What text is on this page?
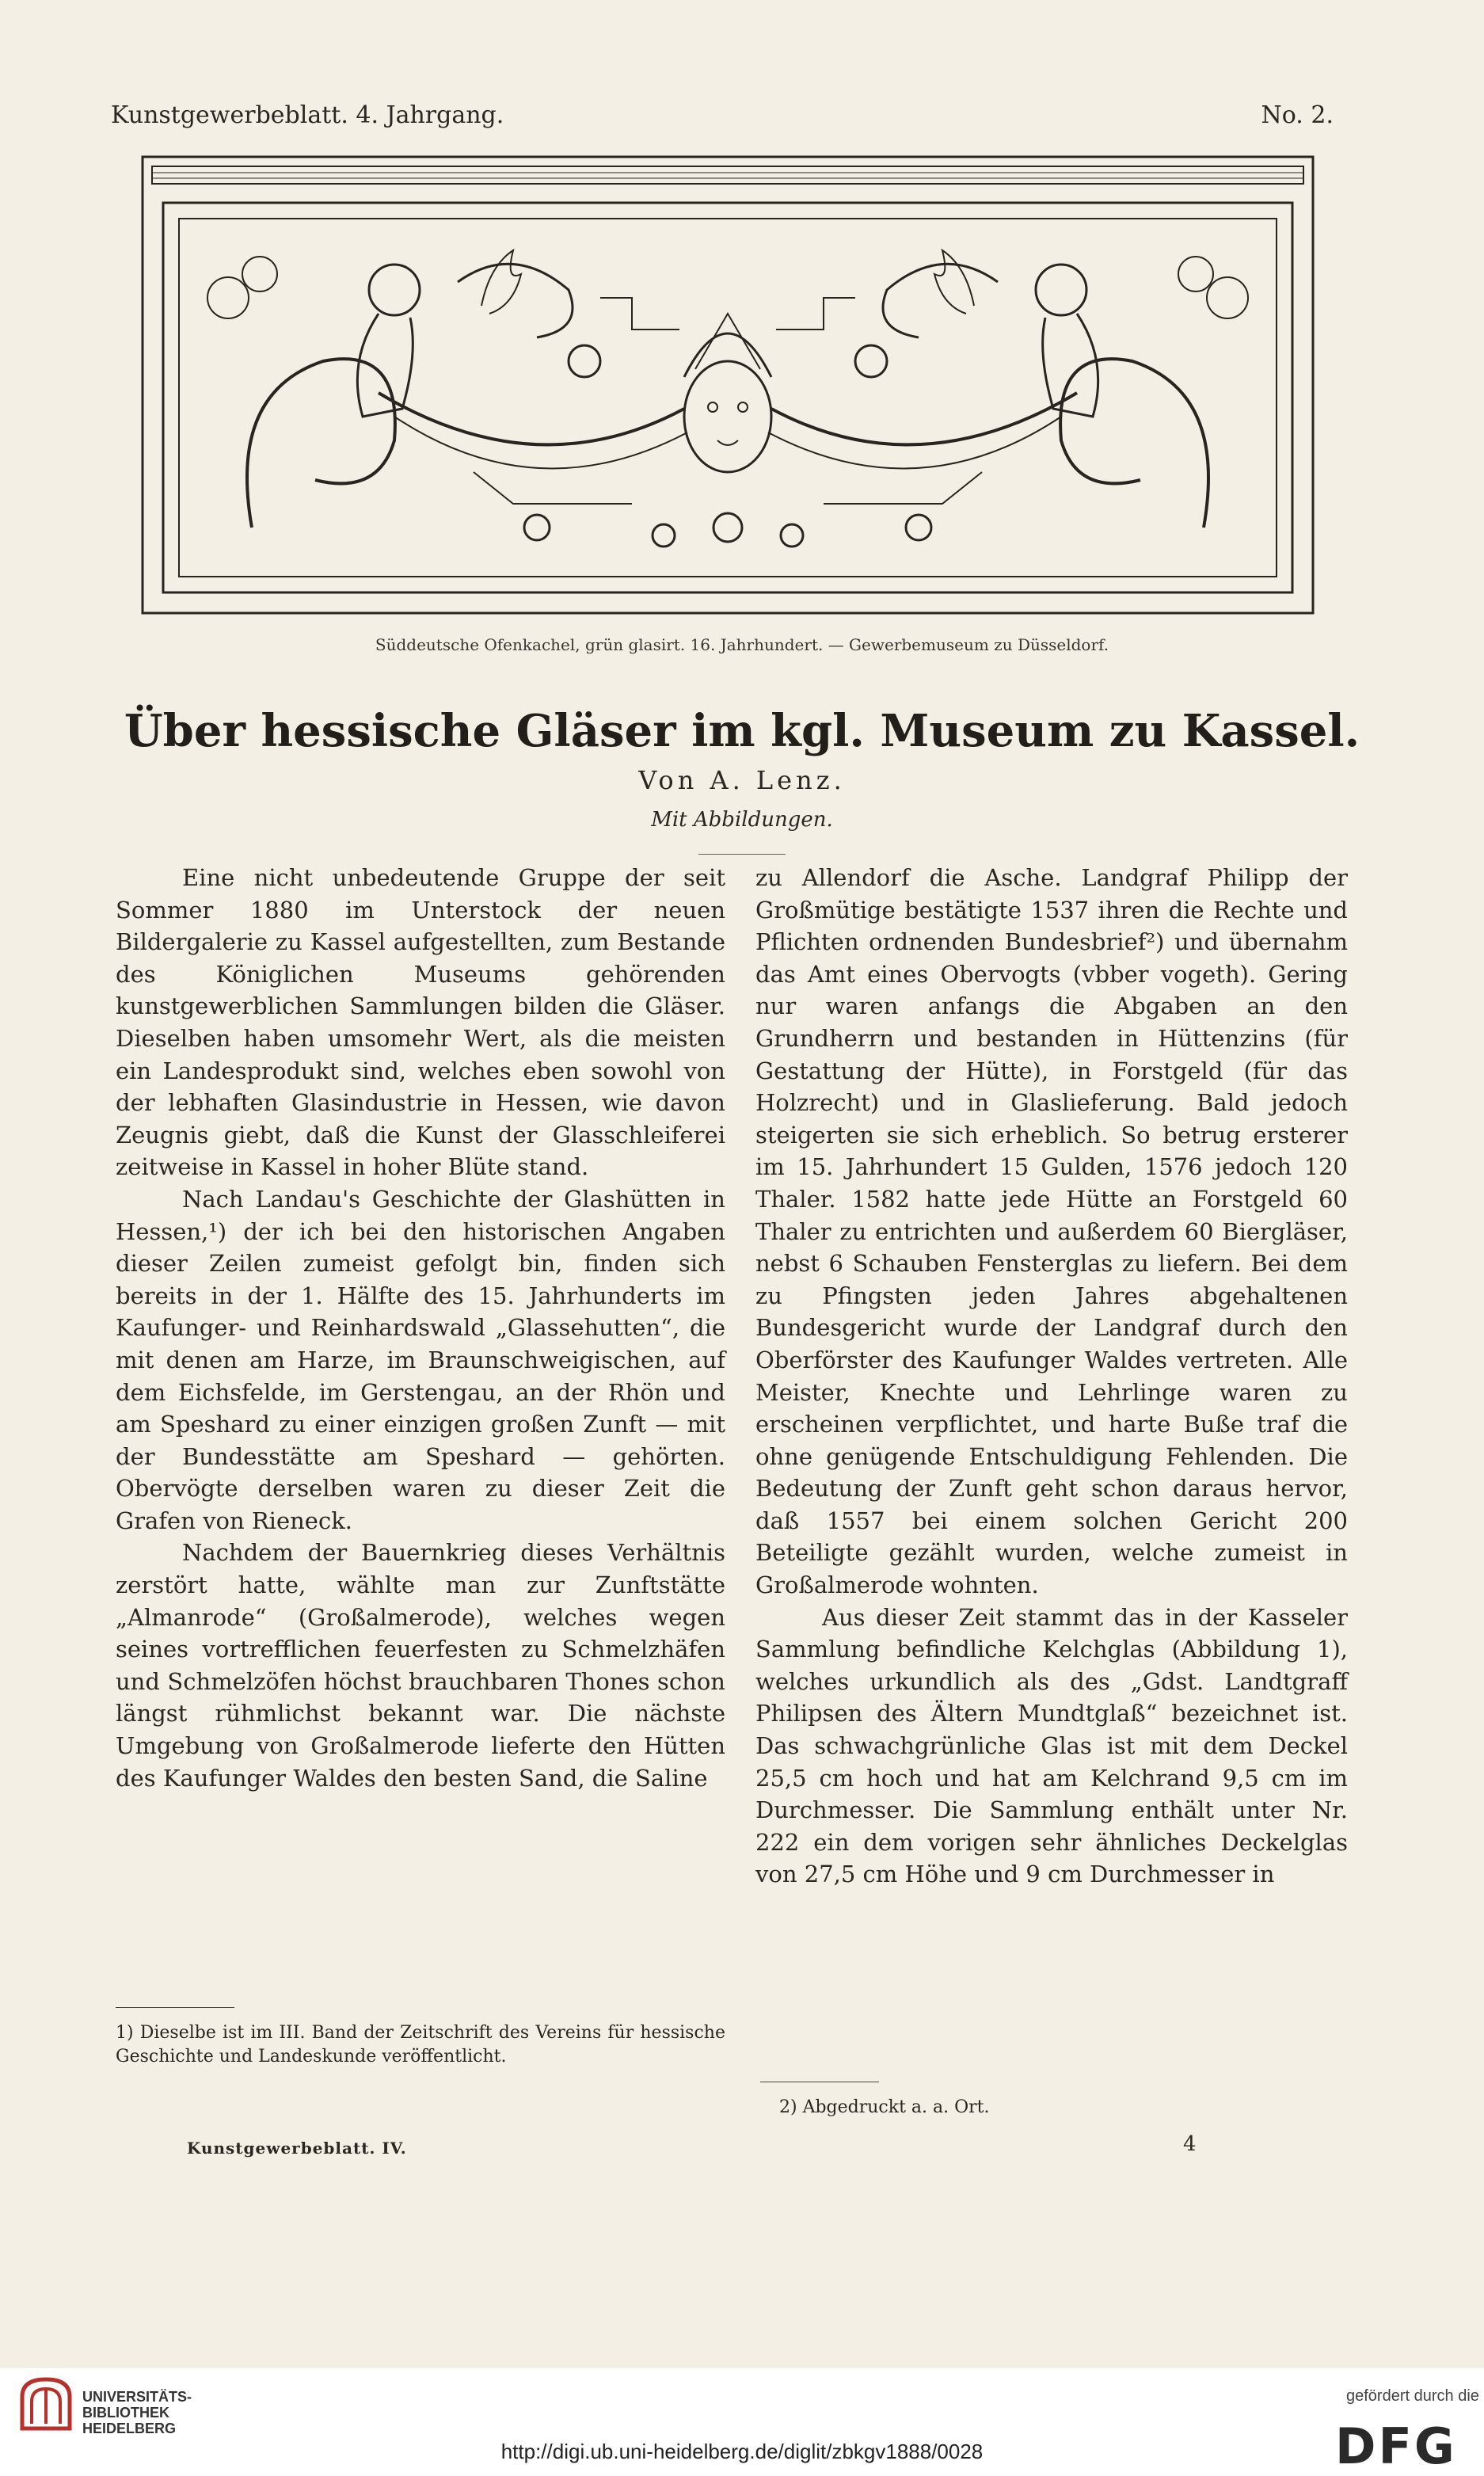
Kunstgewerbeblatt. 4. Jahrgang.	No. 2.
Süddeutsche Ofenkachel, grün glasirt. 16. Jahrhundert. — Gewerbemuseum zu Düsseldorf.
Über hessische Gläser im kgl. Museum zu Kassel.
Von A. Lenz.
Mit Abbildungen.

Eine nicht unbedeutende Gruppe der seit Sommer 1880 im Unterstock der neuen Bildergalerie zu Kassel aufgestellten, zum Bestande des Königlichen Museums gehörenden kunstgewerblichen Sammlungen bilden die Gläser. Dieselben haben umsomehr Wert, als die meisten ein Landesprodukt sind, welches eben sowohl von der lebhaften Glasindustrie in Hessen, wie davon Zeugnis giebt, daß die Kunst der Glasschleiferei zeitweise in Kassel in hoher Blüte stand.

Nach Landau's Geschichte der Glashütten in Hessen,¹) der ich bei den historischen Angaben dieser Zeilen zumeist gefolgt bin, finden sich bereits in der 1. Hälfte des 15. Jahrhunderts im Kaufunger- und Reinhardswald „Glassehutten“, die mit denen am Harze, im Braunschweigischen, auf dem Eichsfelde, im Gerstengau, an der Rhön und am Speshard zu einer einzigen großen Zunft — mit der Bundesstätte am Speshard — gehörten. Obervögte derselben waren zu dieser Zeit die Grafen von Rieneck.

Nachdem der Bauernkrieg dieses Verhältnis zerstört hatte, wählte man zur Zunftstätte „Almanrode“ (Großalmerode), welches wegen seines vortrefflichen feuerfesten zu Schmelzhäfen und Schmelzöfen höchst brauchbaren Thones schon längst rühmlichst bekannt war. Die nächste Umgebung von Großalmerode lieferte den Hütten des Kaufunger Waldes den besten Sand, die Saline

zu Allendorf die Asche. Landgraf Philipp der Großmütige bestätigte 1537 ihren die Rechte und Pflichten ordnenden Bundesbrief²) und übernahm das Amt eines Obervogts (vbber vogeth). Gering nur waren anfangs die Abgaben an den Grundherrn und bestanden in Hüttenzins (für Gestattung der Hütte), in Forstgeld (für das Holzrecht) und in Glaslieferung. Bald jedoch steigerten sie sich erheblich. So betrug ersterer im 15. Jahrhundert 15 Gulden, 1576 jedoch 120 Thaler. 1582 hatte jede Hütte an Forstgeld 60 Thaler zu entrichten und außerdem 60 Biergläser, nebst 6 Schauben Fensterglas zu liefern. Bei dem zu Pfingsten jeden Jahres abgehaltenen Bundesgericht wurde der Landgraf durch den Oberförster des Kaufunger Waldes vertreten. Alle Meister, Knechte und Lehrlinge waren zu erscheinen verpflichtet, und harte Buße traf die ohne genügende Entschuldigung Fehlenden. Die Bedeutung der Zunft geht schon daraus hervor, daß 1557 bei einem solchen Gericht 200 Beteiligte gezählt wurden, welche zumeist in Großalmerode wohnten.

Aus dieser Zeit stammt das in der Kasseler Sammlung befindliche Kelchglas (Abbildung 1), welches urkundlich als des „Gdst. Landtgraff Philipsen des Ältern Mundtglaß“ bezeichnet ist. Das schwachgrünliche Glas ist mit dem Deckel 25,5 cm hoch und hat am Kelchrand 9,5 cm im Durchmesser. Die Sammlung enthält unter Nr. 222 ein dem vorigen sehr ähnliches Deckelglas von 27,5 cm Höhe und 9 cm Durchmesser in

1) Dieselbe ist im III. Band der Zeitschrift des Vereins für hessische Geschichte und Landeskunde veröffentlicht.
2) Abgedruckt a. a. Ort.
Kunstgewerbeblatt. IV.	4
UNIVERSITÄTS-
BIBLIOTHEK
HEIDELBERG
http://digi.ub.uni-heidelberg.de/diglit/zbkgv1888/0028
gefördert durch die
DFG
